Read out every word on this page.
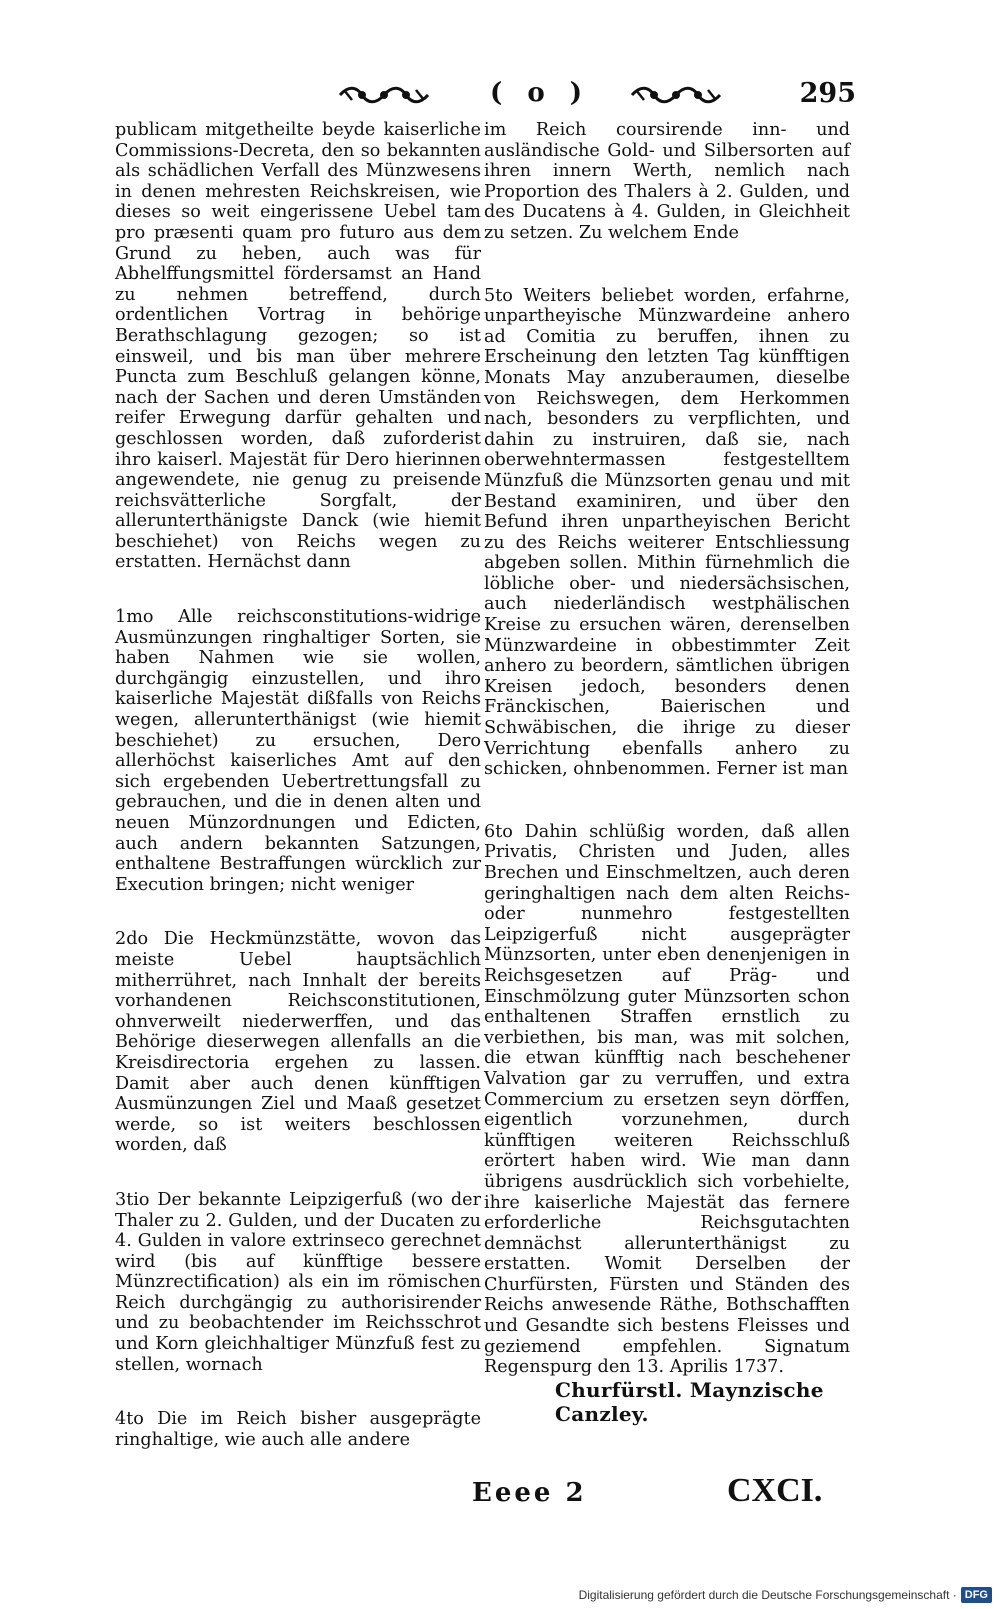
( o )	295

publicam mitgetheilte beyde kaiserliche Commissions-Decreta, den so bekannten als schädlichen Verfall des Münzwesens in denen mehresten Reichskreisen, wie dieses so weit eingerissene Uebel tam pro præsenti quam pro futuro aus dem Grund zu heben, auch was für Abhelffungsmittel fördersamst an Hand zu nehmen betreffend, durch ordentlichen Vortrag in behörige Berathschlagung gezogen; so ist einsweil, und bis man über mehrere Puncta zum Beschluß gelangen könne, nach der Sachen und deren Umständen reifer Erwegung darfür gehalten und geschlossen worden, daß zuforderist ihro kaiserl. Majestät für Dero hierinnen angewendete, nie genug zu preisende reichsvätterliche Sorgfalt, der allerunterthänigste Danck (wie hiemit beschiehet) von Reichs wegen zu erstatten. Hernächst dann

1mo Alle reichsconstitutions-widrige Ausmünzungen ringhaltiger Sorten, sie haben Nahmen wie sie wollen, durchgängig einzustellen, und ihro kaiserliche Majestät dißfalls von Reichs wegen, allerunterthänigst (wie hiemit beschiehet) zu ersuchen, Dero allerhöchst kaiserliches Amt auf den sich ergebenden Uebertrettungsfall zu gebrauchen, und die in denen alten und neuen Münzordnungen und Edicten, auch andern bekannten Satzungen, enthaltene Bestraffungen würcklich zur Execution bringen; nicht weniger

2do Die Heckmünzstätte, wovon das meiste Uebel hauptsächlich mitherrühret, nach Innhalt der bereits vorhandenen Reichsconstitutionen, ohnverweilt niederwerffen, und das Behörige dieserwegen allenfalls an die Kreisdirectoria ergehen zu lassen. Damit aber auch denen künfftigen Ausmünzungen Ziel und Maaß gesetzet werde, so ist weiters beschlossen worden, daß

3tio Der bekannte Leipzigerfuß (wo der Thaler zu 2. Gulden, und der Ducaten zu 4. Gulden in valore extrinseco gerechnet wird (bis auf künfftige bessere Münzrectification) als ein im römischen Reich durchgängig zu authorisirender und zu beobachtender im Reichsschrot und Korn gleichhaltiger Münzfuß fest zu stellen, wornach

4to Die im Reich bisher ausgeprägte ringhaltige, wie auch alle andere

im Reich coursirende inn- und ausländische Gold- und Silbersorten auf ihren innern Werth, nemlich nach Proportion des Thalers à 2. Gulden, und des Ducatens à 4. Gulden, in Gleichheit zu setzen. Zu welchem Ende

5to Weiters beliebet worden, erfahrne, unpartheyische Münzwardeine anhero ad Comitia zu beruffen, ihnen zu Erscheinung den letzten Tag künfftigen Monats May anzuberaumen, dieselbe von Reichswegen, dem Herkommen nach, besonders zu verpflichten, und dahin zu instruiren, daß sie, nach oberwehntermassen festgestelltem Münzfuß die Münzsorten genau und mit Bestand examiniren, und über den Befund ihren unpartheyischen Bericht zu des Reichs weiterer Entschliessung abgeben sollen. Mithin fürnehmlich die löbliche ober- und niedersächsischen, auch niederländisch westphälischen Kreise zu ersuchen wären, derenselben Münzwardeine in obbestimmter Zeit anhero zu beordern, sämtlichen übrigen Kreisen jedoch, besonders denen Fränckischen, Baierischen und Schwäbischen, die ihrige zu dieser Verrichtung ebenfalls anhero zu schicken, ohnbenommen. Ferner ist man

6to Dahin schlüßig worden, daß allen Privatis, Christen und Juden, alles Brechen und Einschmeltzen, auch deren geringhaltigen nach dem alten Reichs- oder nunmehro festgestellten Leipzigerfuß nicht ausgeprägter Münzsorten, unter eben denenjenigen in Reichsgesetzen auf Präg- und Einschmölzung guter Münzsorten schon enthaltenen Straffen ernstlich zu verbiethen, bis man, was mit solchen, die etwan künfftig nach beschehener Valvation gar zu verruffen, und extra Commercium zu ersetzen seyn dörffen, eigentlich vorzunehmen, durch künfftigen weiteren Reichsschluß erörtert haben wird. Wie man dann übrigens ausdrücklich sich vorbehielte, ihre kaiserliche Majestät das fernere erforderliche Reichsgutachten demnächst allerunterthänigst zu erstatten. Womit Derselben der Churfürsten, Fürsten und Ständen des Reichs anwesende Räthe, Bothschafften und Gesandte sich bestens Fleisses und geziemend empfehlen. Signatum Regenspurg den 13. Aprilis 1737.

Churfürstl. Maynzische Canzley.
Eeee 2	CXCI.
Digitalisierung gefördert durch die Deutsche Forschungsgemeinschaft · DFG
